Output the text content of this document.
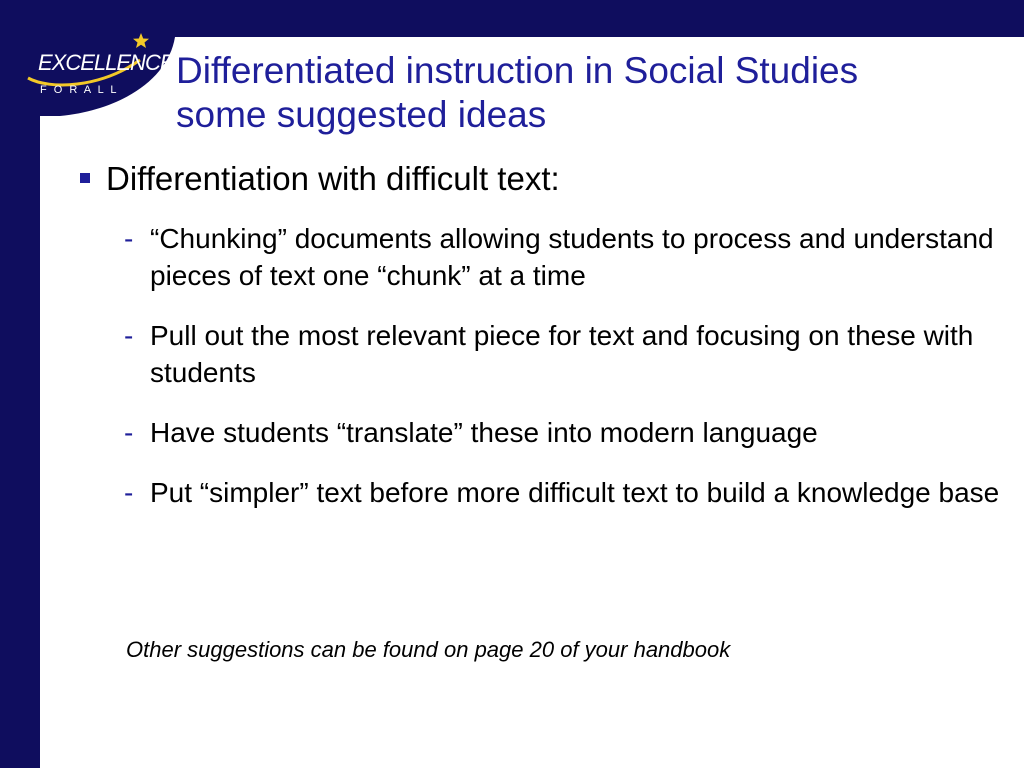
EXCELLENCE
F O R A L L Differentiated instruction in Social Studies
some suggested ideas
Differentiation with difficult text:
- “Chunking” documents allowing students to process and understand pieces of text one “chunk” at a time
- Pull out the most relevant piece for text and focusing on these with students
- Have students “translate” these into modern language
- Put “simpler” text before more difficult text to build a knowledge base
Other suggestions can be found on page 20 of your handbook
